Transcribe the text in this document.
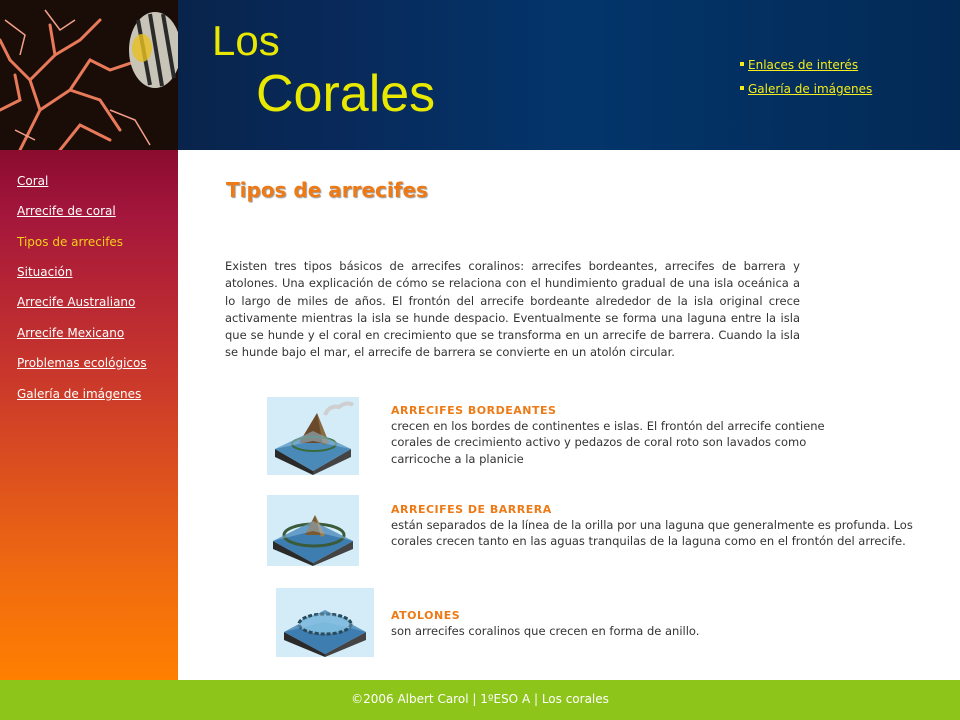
Los
Corales	Enlaces de interés
Galería de imágenes
Coral
Arrecife de coral
Tipos de arrecifes
Situación
Arrecife Australiano
Arrecife Mexicano
Problemas ecológicos
Galería de imágenes
Tipos de arrecifes
Existen tres tipos básicos de arrecifes coralinos: arrecifes bordeantes, arrecifes de barrera y atolones. Una explicación de cómo se relaciona con el hundimiento gradual de una isla oceánica a lo largo de miles de años. El frontón del arrecife bordeante alrededor de la isla original crece activamente mientras la isla se hunde despacio. Eventualmente se forma una laguna entre la isla que se hunde y el coral en crecimiento que se transforma en un arrecife de barrera. Cuando la isla se hunde bajo el mar, el arrecife de barrera se convierte en un atolón circular.
ARRECIFES BORDEANTES
crecen en los bordes de continentes e islas. El frontón del arrecife contiene corales de crecimiento activo y pedazos de coral roto son lavados como carricoche a la planicie
ARRECIFES DE BARRERA
están separados de la línea de la orilla por una laguna que generalmente es profunda. Los corales crecen tanto en las aguas tranquilas de la laguna como en el frontón del arrecife.
ATOLONES
son arrecifes coralinos que crecen en forma de anillo.
©2006 Albert Carol | 1ºESO A | Los corales
